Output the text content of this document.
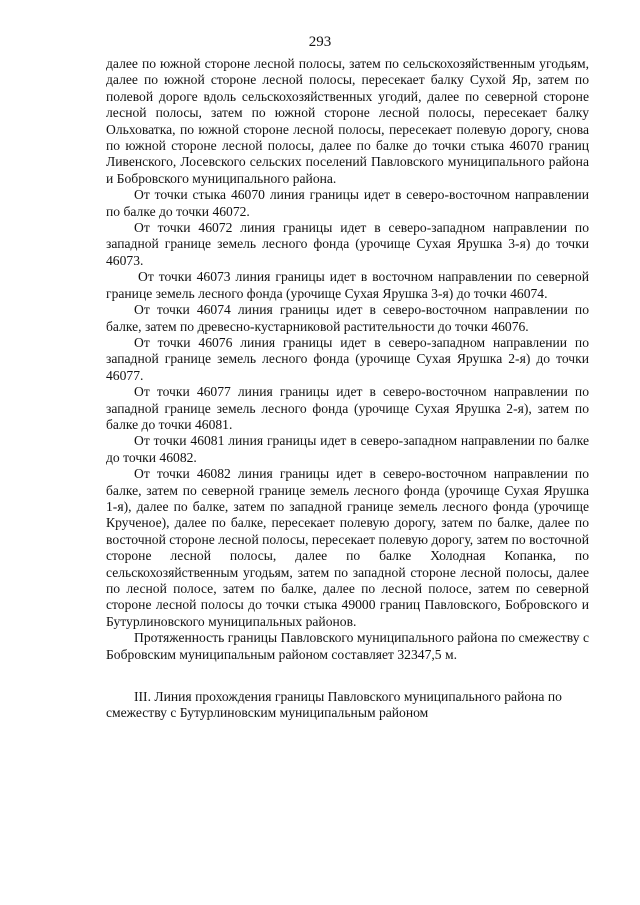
293

далее по южной стороне лесной полосы, затем по сельскохозяйственным угодьям, далее по южной стороне лесной полосы, пересекает балку Сухой Яр, затем по полевой дороге вдоль сельскохозяйственных угодий, далее по северной стороне лесной полосы, затем по южной стороне лесной полосы, пересекает балку Ольховатка, по южной стороне лесной полосы, пересекает полевую дорогу, снова по южной стороне лесной полосы, далее по балке до точки стыка 46070 границ Ливенского, Лосевского сельских поселений Павловского муниципального района и Бобровского муниципального района.

От точки стыка 46070 линия границы идет в северо-восточном направлении по балке до точки 46072.

От точки 46072 линия границы идет в северо-западном направлении по западной границе земель лесного фонда (урочище Сухая Ярушка 3-я) до точки 46073.

От точки 46073 линия границы идет в восточном направлении по северной границе земель лесного фонда (урочище Сухая Ярушка 3-я) до точки 46074.

От точки 46074 линия границы идет в северо-восточном направлении по балке, затем по древесно-кустарниковой растительности до точки 46076.

От точки 46076 линия границы идет в северо-западном направлении по западной границе земель лесного фонда (урочище Сухая Ярушка 2-я) до точки 46077.

От точки 46077 линия границы идет в северо-восточном направлении по западной границе земель лесного фонда (урочище Сухая Ярушка 2-я), затем по балке до точки 46081.

От точки 46081 линия границы идет в северо-западном направлении по балке до точки 46082.

От точки 46082 линия границы идет в северо-восточном направлении по балке, затем по северной границе земель лесного фонда (урочище Сухая Ярушка 1-я), далее по балке, затем по западной границе земель лесного фонда (урочище Крученое), далее по балке, пересекает полевую дорогу, затем по балке, далее по восточной стороне лесной полосы, пересекает полевую дорогу, затем по восточной стороне лесной полосы, далее по балке Холодная Копанка, по сельскохозяйственным угодьям, затем по западной стороне лесной полосы, далее по лесной полосе, затем по балке, далее по лесной полосе, затем по северной стороне лесной полосы до точки стыка 49000 границ Павловского, Бобровского и Бутурлиновского муниципальных районов.

Протяженность границы Павловского муниципального района по смежеству с Бобровским муниципальным районом составляет 32347,5 м.

III. Линия прохождения границы Павловского муниципального района по смежеству с Бутурлиновским муниципальным районом
